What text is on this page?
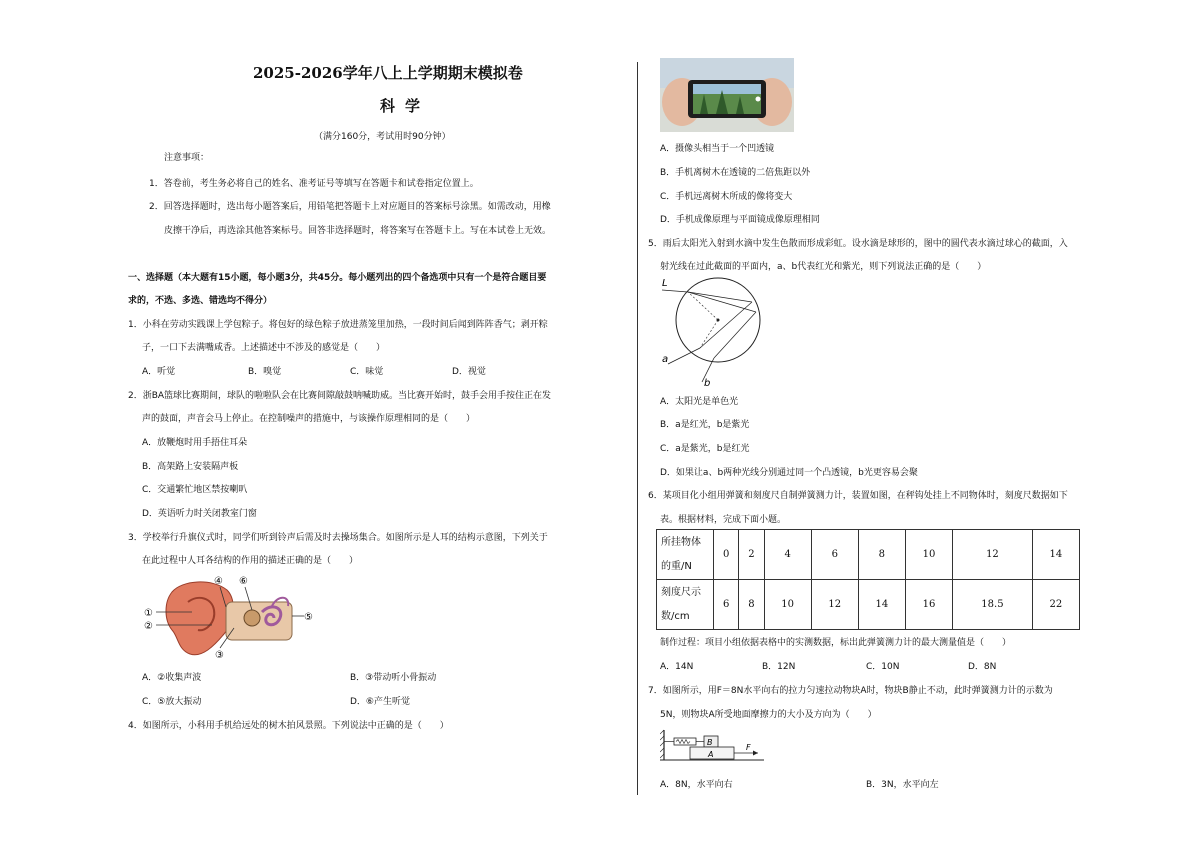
2025-2026学年八上上学期期末模拟卷
科学
（满分160分，考试用时90分钟）
注意事项：
1．答卷前，考生务必将自己的姓名、准考证号等填写在答题卡和试卷指定位置上。
2．回答选择题时，选出每小题答案后，用铅笔把答题卡上对应题目的答案标号涂黑。如需改动，用橡
皮擦干净后，再选涂其他答案标号。回答非选择题时，将答案写在答题卡上。写在本试卷上无效。
一、选择题（本大题有15小题，每小题3分，共45分。每小题列出的四个备选项中只有一个是符合题目要
求的，不选、多选、错选均不得分）
1．小科在劳动实践课上学包粽子。将包好的绿色粽子放进蒸笼里加热，一段时间后闻到阵阵香气；剥开粽
子，一口下去满嘴咸香。上述描述中不涉及的感觉是（　　）
A．听觉	B．嗅觉	C．味觉	D．视觉
2．浙BA篮球比赛期间，球队的啦啦队会在比赛间隙敲鼓呐喊助威。当比赛开始时，鼓手会用手按住正在发
声的鼓面，声音会马上停止。在控制噪声的措施中，与该操作原理相同的是（　　）
A．放鞭炮时用手捂住耳朵
B．高架路上安装隔声板
C．交通繁忙地区禁按喇叭
D．英语听力时关闭教室门窗
3．学校举行升旗仪式时，同学们听到铃声后需及时去操场集合。如图所示是人耳的结构示意图，下列关于
在此过程中人耳各结构的作用的描述正确的是（　　）
①
②
③
④
⑤
⑥
A．②收集声波	B．③带动听小骨振动
C．⑤放大振动	D．⑥产生听觉
4．如图所示，小科用手机给远处的树木拍风景照。下列说法中正确的是（　　）
A．摄像头相当于一个凹透镜
B．手机离树木在透镜的二倍焦距以外
C．手机远离树木所成的像将变大
D．手机成像原理与平面镜成像原理相同
5．雨后太阳光入射到水滴中发生色散而形成彩虹。设水滴是球形的，图中的圆代表水滴过球心的截面，入
射光线在过此截面的平面内，a、b代表红光和紫光，则下列说法正确的是（　　）
L
a
b
A．太阳光是单色光
B．a是红光，b是紫光
C．a是紫光，b是红光
D．如果让a、b两种光线分别通过同一个凸透镜，b光更容易会聚
6．某项目化小组用弹簧和刻度尺自制弹簧测力计，装置如图，在秤钩处挂上不同物体时，刻度尺数据如下
表。根据材料，完成下面小题。
所挂物体
的重/N	0	2	4	6	8	10	12	14
刻度尺示
数/cm	6	8	10	12	14	16	18.5	22
制作过程：项目小组依据表格中的实测数据，标出此弹簧测力计的最大测量值是（　　）
A．14N	B．12N	C．10N	D．8N
7．如图所示，用F＝8N水平向右的拉力匀速拉动物块A时，物块B静止不动，此时弹簧测力计的示数为
5N，则物块A所受地面摩擦力的大小及方向为（　　）
B
A
F
A．8N，水平向右	B．3N，水平向左
